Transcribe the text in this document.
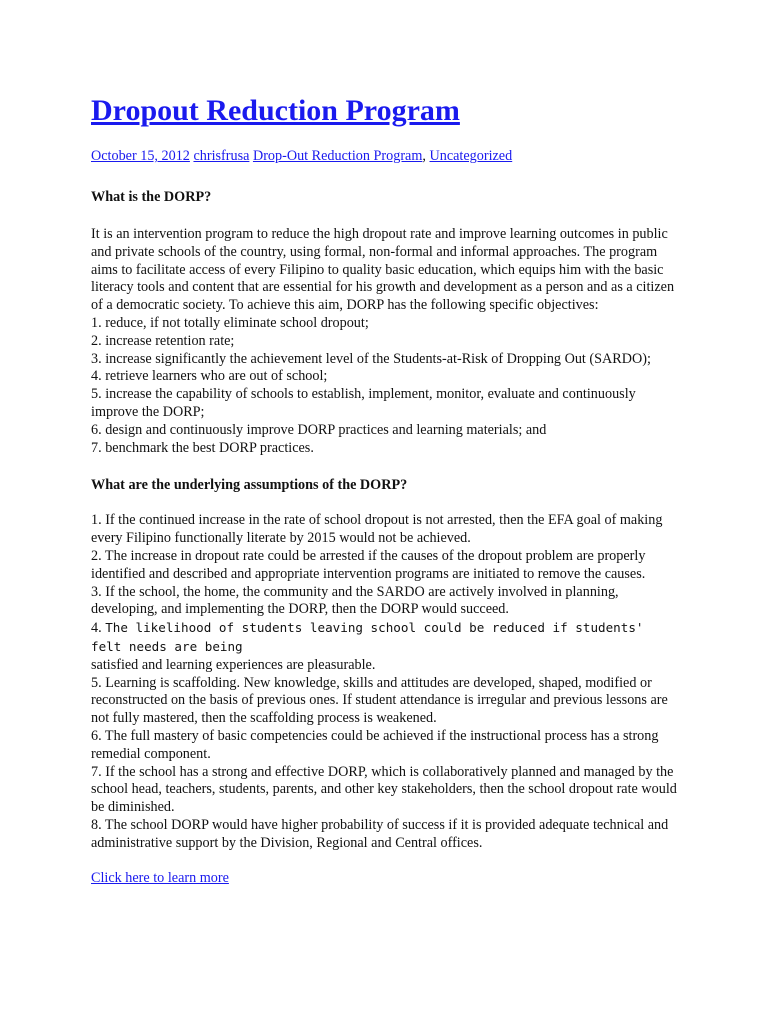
Dropout Reduction Program
October 15, 2012 chrisfrusa Drop-Out Reduction Program, Uncategorized
What is the DORP?

It is an intervention program to reduce the high dropout rate and improve learning outcomes in public and private schools of the country, using formal, non-formal and informal approaches. The program aims to facilitate access of every Filipino to quality basic education, which equips him with the basic literacy tools and content that are essential for his growth and development as a person and as a citizen of a democratic society. To achieve this aim, DORP has the following specific objectives:

1. reduce, if not totally eliminate school dropout;

2. increase retention rate;

3. increase significantly the achievement level of the Students-at-Risk of Dropping Out (SARDO);

4. retrieve learners who are out of school;

5. increase the capability of schools to establish, implement, monitor, evaluate and continuously improve the DORP;

6. design and continuously improve DORP practices and learning materials; and

7. benchmark the best DORP practices.

What are the underlying assumptions of the DORP?

1. If the continued increase in the rate of school dropout is not arrested, then the EFA goal of making every Filipino functionally literate by 2015 would not be achieved.

2. The increase in dropout rate could be arrested if the causes of the dropout problem are properly identified and described and appropriate intervention programs are initiated to remove the causes.

3. If the school, the home, the community and the SARDO are actively involved in planning, developing, and implementing the DORP, then the DORP would succeed.

4. The likelihood of students leaving school could be reduced if students' felt needs are being
satisfied and learning experiences are pleasurable.

5. Learning is scaffolding. New knowledge, skills and attitudes are developed, shaped, modified or reconstructed on the basis of previous ones. If student attendance is irregular and previous lessons are not fully mastered, then the scaffolding process is weakened.

6. The full mastery of basic competencies could be achieved if the instructional process has a strong remedial component.

7. If the school has a strong and effective DORP, which is collaboratively planned and managed by the school head, teachers, students, parents, and other key stakeholders, then the school dropout rate would be diminished.

8. The school DORP would have higher probability of success if it is provided adequate technical and administrative support by the Division, Regional and Central offices.

Click here to learn more
